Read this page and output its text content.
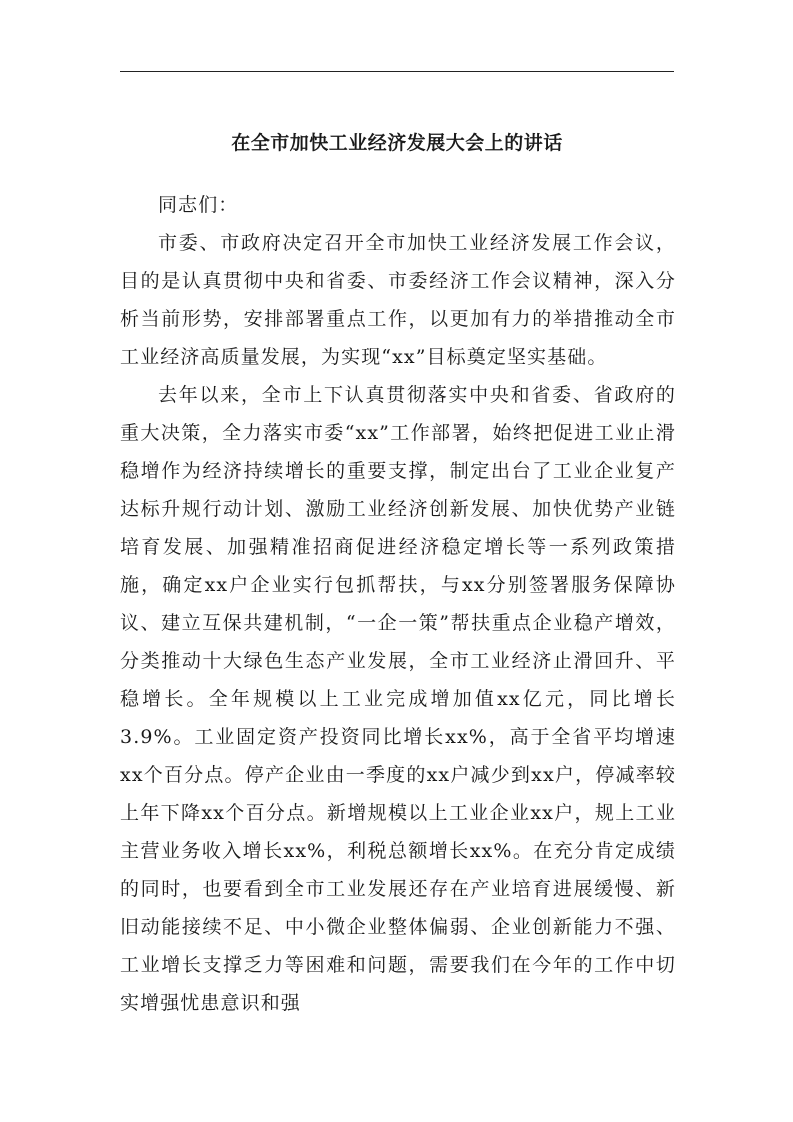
在全市加快工业经济发展大会上的讲话

同志们：

市委、市政府决定召开全市加快工业经济发展工作会议，目的是认真贯彻中央和省委、市委经济工作会议精神，深入分析当前形势，安排部署重点工作，以更加有力的举措推动全市工业经济高质量发展，为实现“xx”目标奠定坚实基础。

去年以来，全市上下认真贯彻落实中央和省委、省政府的重大决策，全力落实市委“xx”工作部署，始终把促进工业止滑稳增作为经济持续增长的重要支撑，制定出台了工业企业复产达标升规行动计划、激励工业经济创新发展、加快优势产业链培育发展、加强精准招商促进经济稳定增长等一系列政策措施，确定xx户企业实行包抓帮扶，与xx分别签署服务保障协议、建立互保共建机制，“一企一策”帮扶重点企业稳产增效，分类推动十大绿色生态产业发展，全市工业经济止滑回升、平稳增长。全年规模以上工业完成增加值xx亿元，同比增长3.9%。工业固定资产投资同比增长xx%，高于全省平均增速xx个百分点。停产企业由一季度的xx户减少到xx户，停减率较上年下降xx个百分点。新增规模以上工业企业xx户，规上工业主营业务收入增长xx%，利税总额增长xx%。在充分肯定成绩的同时，也要看到全市工业发展还存在产业培育进展缓慢、新旧动能接续不足、中小微企业整体偏弱、企业创新能力不强、工业增长支撑乏力等困难和问题，需要我们在今年的工作中切实增强忧患意识和强
